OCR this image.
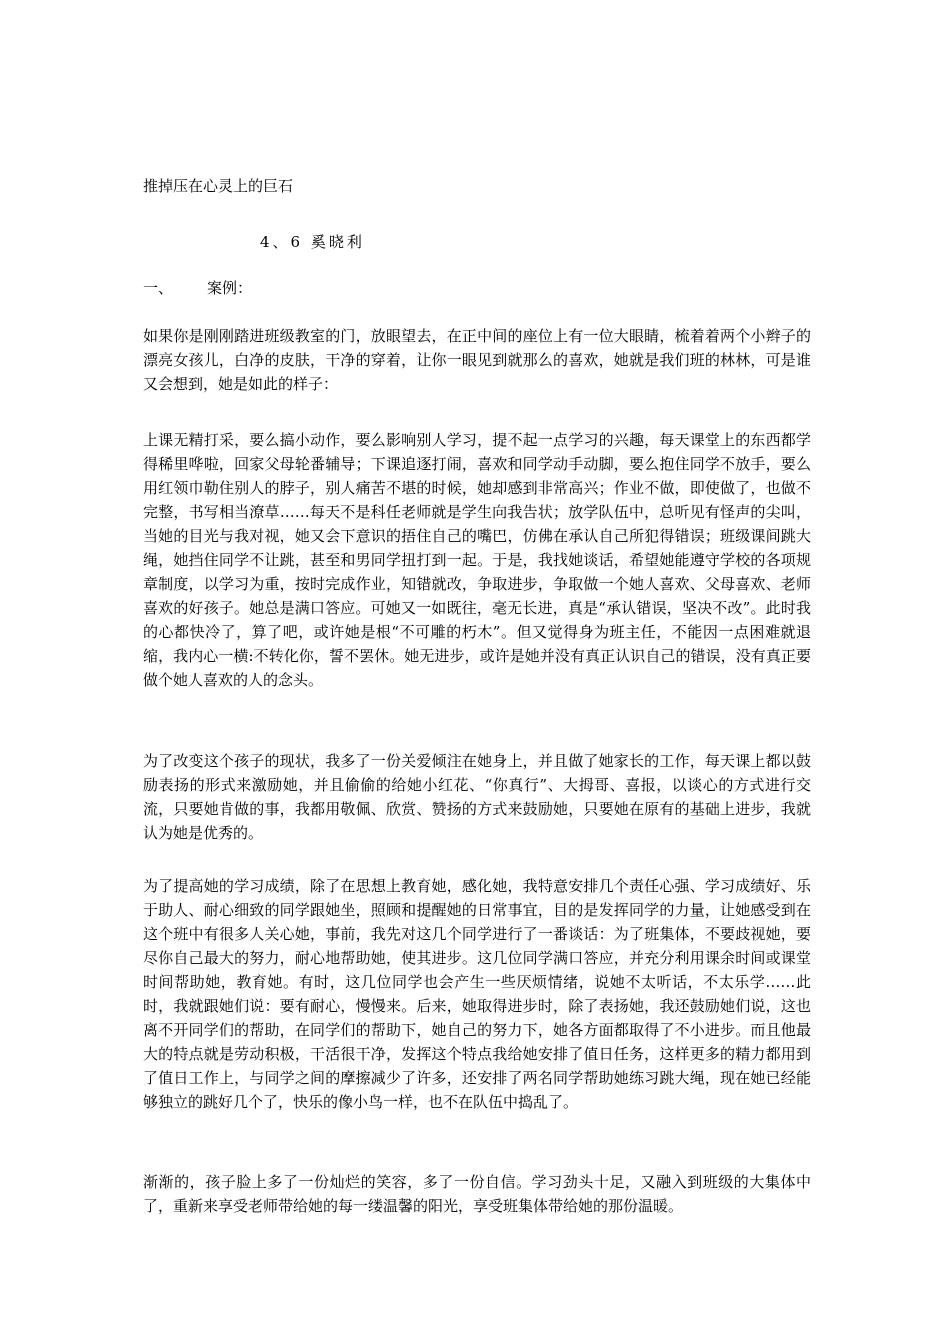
推掉压在心灵上的巨石
4、6 奚晓利
一、 案例：
如果你是刚刚踏进班级教室的门，放眼望去，在正中间的座位上有一位大眼睛，梳着着两个小辫子的漂亮女孩儿，白净的皮肤，干净的穿着，让你一眼见到就那么的喜欢，她就是我们班的林林，可是谁又会想到，她是如此的样子：
上课无精打采，要么搞小动作，要么影响别人学习，提不起一点学习的兴趣，每天课堂上的东西都学得稀里哗啦，回家父母轮番辅导；下课追逐打闹，喜欢和同学动手动脚，要么抱住同学不放手，要么用红领巾勒住别人的脖子，别人痛苦不堪的时候，她却感到非常高兴；作业不做，即使做了，也做不完整，书写相当潦草……每天不是科任老师就是学生向我告状；放学队伍中，总听见有怪声的尖叫，当她的目光与我对视，她又会下意识的捂住自己的嘴巴，仿佛在承认自己所犯得错误；班级课间跳大绳，她挡住同学不让跳，甚至和男同学扭打到一起。于是，我找她谈话，希望她能遵守学校的各项规章制度，以学习为重，按时完成作业，知错就改，争取进步，争取做一个她人喜欢、父母喜欢、老师喜欢的好孩子。她总是满口答应。可她又一如既往，毫无长进，真是“承认错误，坚决不改”。此时我的心都快冷了，算了吧，或许她是根“不可雕的朽木”。但又觉得身为班主任，不能因一点困难就退缩，我内心一横:不转化你，誓不罢休。她无进步，或许是她并没有真正认识自己的错误，没有真正要做个她人喜欢的人的念头。
为了改变这个孩子的现状，我多了一份关爱倾注在她身上，并且做了她家长的工作，每天课上都以鼓励表扬的形式来激励她，并且偷偷的给她小红花、“你真行”、大拇哥、喜报，以谈心的方式进行交流，只要她肯做的事，我都用敬佩、欣赏、赞扬的方式来鼓励她，只要她在原有的基础上进步，我就认为她是优秀的。
为了提高她的学习成绩，除了在思想上教育她，感化她，我特意安排几个责任心强、学习成绩好、乐于助人、耐心细致的同学跟她坐，照顾和提醒她的日常事宜，目的是发挥同学的力量，让她感受到在这个班中有很多人关心她，事前，我先对这几个同学进行了一番谈话：为了班集体，不要歧视她，要尽你自己最大的努力，耐心地帮助她，使其进步。这几位同学满口答应，并充分利用课余时间或课堂时间帮助她，教育她。有时，这几位同学也会产生一些厌烦情绪，说她不太听话，不太乐学……此时，我就跟她们说：要有耐心，慢慢来。后来，她取得进步时，除了表扬她，我还鼓励她们说，这也离不开同学们的帮助，在同学们的帮助下，她自己的努力下，她各方面都取得了不小进步。而且他最大的特点就是劳动积极，干活很干净，发挥这个特点我给她安排了值日任务，这样更多的精力都用到了值日工作上，与同学之间的摩擦减少了许多，还安排了两名同学帮助她练习跳大绳，现在她已经能够独立的跳好几个了，快乐的像小鸟一样，也不在队伍中捣乱了。
渐渐的，孩子脸上多了一份灿烂的笑容，多了一份自信。学习劲头十足，又融入到班级的大集体中了，重新来享受老师带给她的每一缕温馨的阳光，享受班集体带给她的那份温暖。
